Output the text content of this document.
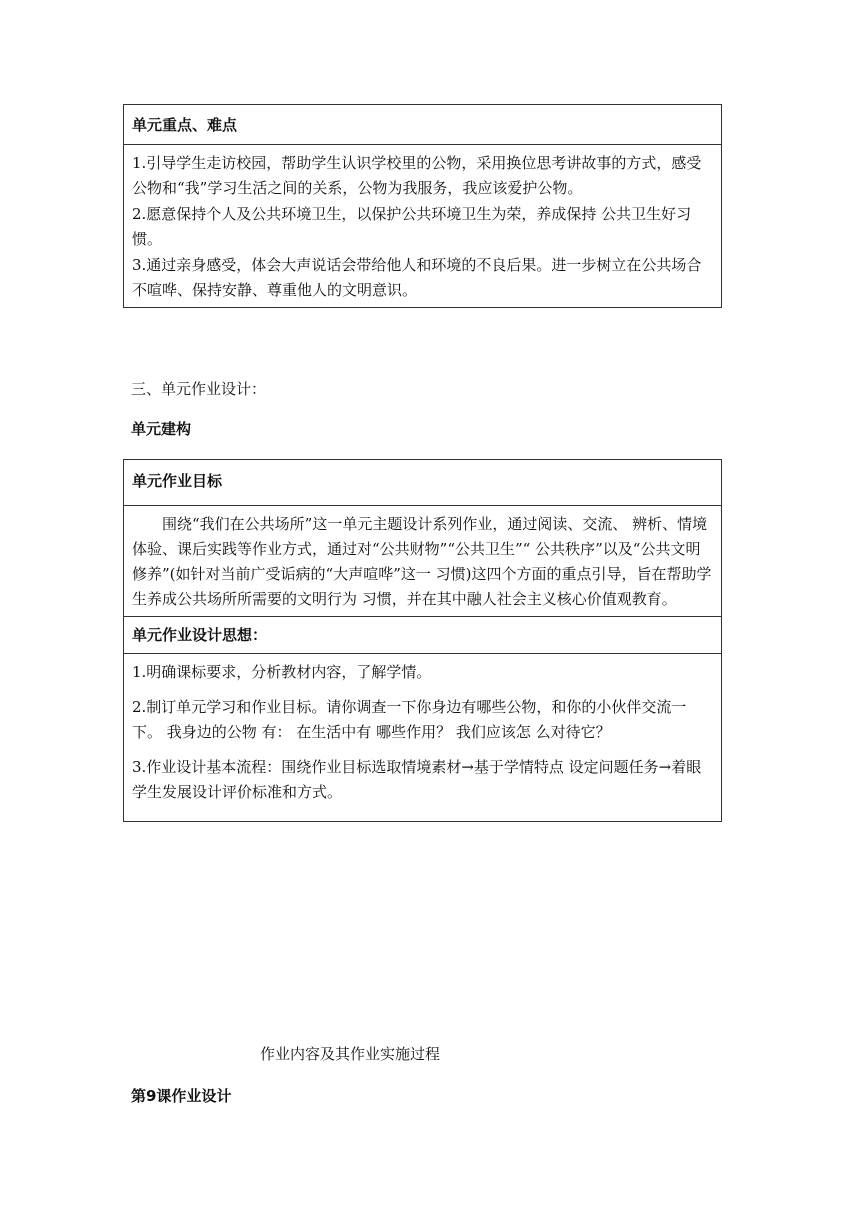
单元重点、难点

1.引导学生走访校园，帮助学生认识学校里的公物，采用换位思考讲故事的方式，感受公物和“我”学习生活之间的关系，公物为我服务，我应该爱护公物。

2.愿意保持个人及公共环境卫生，以保护公共环境卫生为荣，养成保持 公共卫生好习惯。

3.通过亲身感受，体会大声说话会带给他人和环境的不良后果。进一步树立在公共场合不喧哗、保持安静、尊重他人的文明意识。

三、单元作业设计：

单元建构

单元作业目标
围绕“我们在公共场所”这一单元主题设计系列作业，通过阅读、交流、 辨析、情境体验、课后实践等作业方式，通过对“公共财物”“公共卫生”“ 公共秩序”以及“公共文明修养”(如针对当前广受诟病的“大声喧哗”这一 习惯)这四个方面的重点引导，旨在帮助学生养成公共场所所需要的文明行为 习惯，并在其中融人社会主义核心价值观教育。
单元作业设计思想：

1.明确课标要求，分析教材内容，了解学情。

2.制订单元学习和作业目标。请你调查一下你身边有哪些公物，和你的小伙伴交流一下。 我身边的公物 有： 在生活中有 哪些作用？ 我们应该怎 么对待它？

3.作业设计基本流程：围绕作业目标选取情境素材→基于学情特点 设定问题任务→着眼学生发展设计评价标准和方式。

作业内容及其作业实施过程

第9课作业设计
